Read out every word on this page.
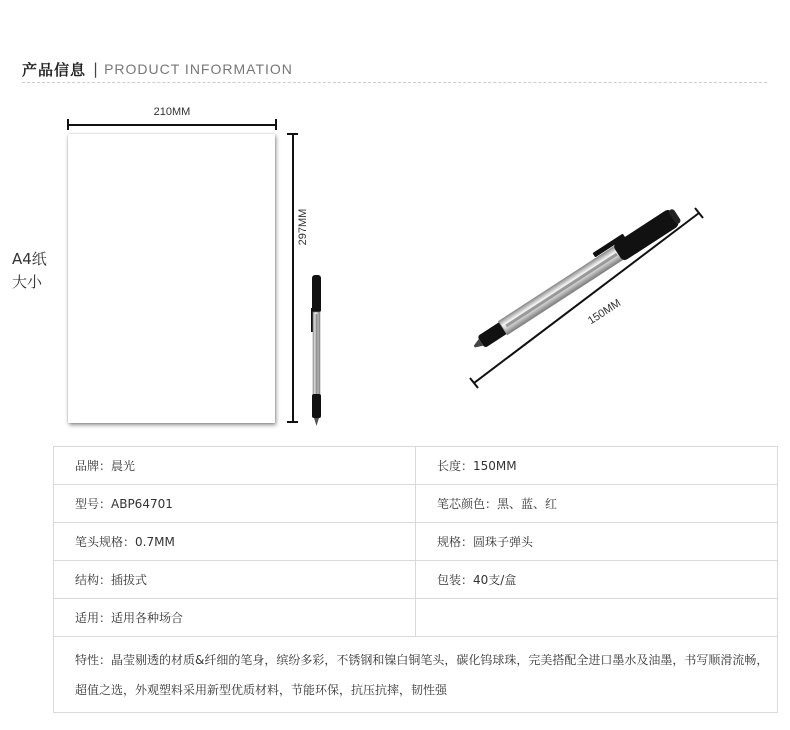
产品信息 | PRODUCT INFORMATION
A4纸
大小
210MM
297MM
150MM
品牌：晨光	长度：150MM
型号：ABP64701	笔芯颜色：黑、蓝、红
笔头规格：0.7MM	规格：圆珠子弹头
结构：插拔式	包装：40支/盒
适用：适用各种场合	
特性：晶莹剔透的材质&纤细的笔身，缤纷多彩，不锈钢和镍白铜笔头，碳化钨球珠，完美搭配全进口墨水及油墨，书写顺滑流畅，超值之选，外观塑料采用新型优质材料，节能环保，抗压抗摔，韧性强	
